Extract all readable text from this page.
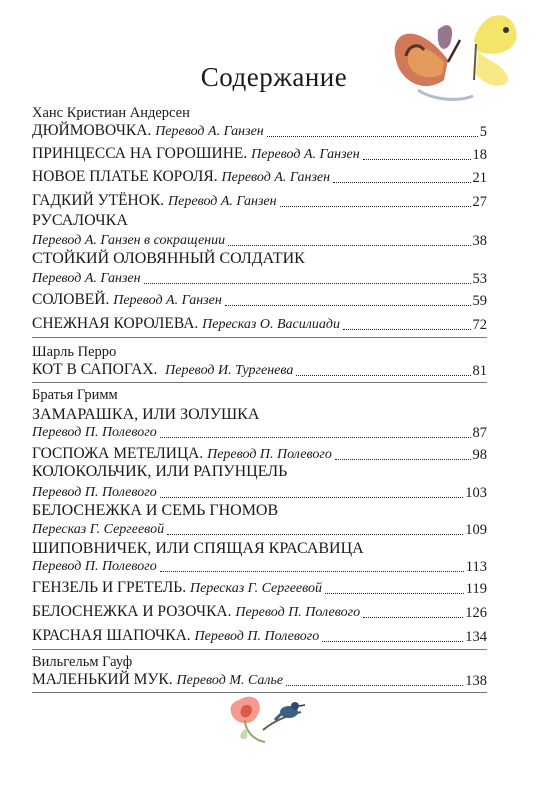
Содержание
Ханс Кристиан Андерсен
ДЮЙМОВОЧКА. Перевод А. Ганзен	5
ПРИНЦЕССА НА ГОРОШИНЕ. Перевод А. Ганзен	18
НОВОЕ ПЛАТЬЕ КОРОЛЯ. Перевод А. Ганзен	21
ГАДКИЙ УТЁНОК. Перевод А. Ганзен	27
РУСАЛОЧКА
Перевод А. Ганзен в сокращении	38
СТОЙКИЙ ОЛОВЯННЫЙ СОЛДАТИК
Перевод А. Ганзен	53
СОЛОВЕЙ. Перевод А. Ганзен	59
СНЕЖНАЯ КОРОЛЕВА. Пересказ О. Василиади	72
Шарль Перро
КОТ В САПОГАХ. Перевод И. Тургенева	81
Братья Гримм
ЗАМАРАШКА, ИЛИ ЗОЛУШКА
Перевод П. Полевого	87
ГОСПОЖА МЕТЕЛИЦА. Перевод П. Полевого	98
КОЛОКОЛЬЧИК, ИЛИ РАПУНЦЕЛЬ
Перевод П. Полевого	103
БЕЛОСНЕЖКА И СЕМЬ ГНОМОВ
Пересказ Г. Сергеевой	109
ШИПОВНИЧЕК, ИЛИ СПЯЩАЯ КРАСАВИЦА
Перевод П. Полевого	113
ГЕНЗЕЛЬ И ГРЕТЕЛЬ. Пересказ Г. Сергеевой	119
БЕЛОСНЕЖКА И РОЗОЧКА. Перевод П. Полевого	126
КРАСНАЯ ШАПОЧКА. Перевод П. Полевого	134
Вильгельм Гауф
МАЛЕНЬКИЙ МУК. Перевод М. Салье	138
